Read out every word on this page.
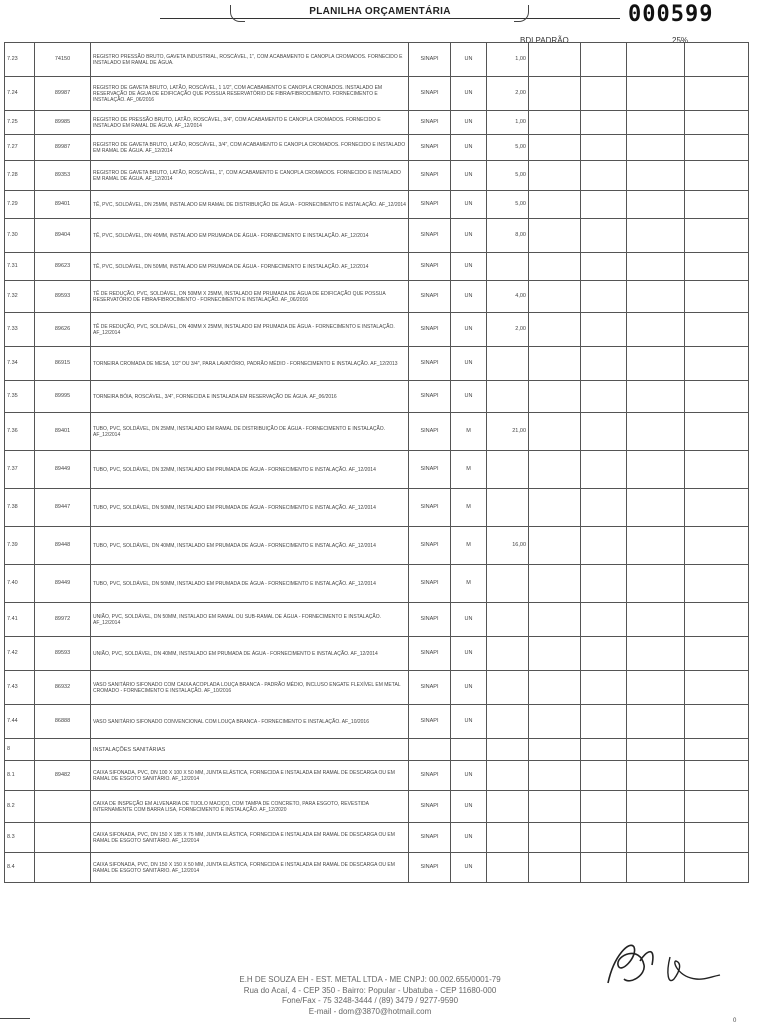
PLANILHA ORÇAMENTÁRIA	000599
BDI PADRÃO	25%
7.23	74150	REGISTRO PRESSÃO BRUTO, GAVETA INDUSTRIAL, ROSCÁVEL, 1", COM ACABAMENTO E CANOPLA CROMADOS. FORNECIDO E INSTALADO EM RAMAL DE ÁGUA.	SINAPI	UN	1,00				
7.24	89987	REGISTRO DE GAVETA BRUTO, LATÃO, ROSCÁVEL, 1 1/2", COM ACABAMENTO E CANOPLA CROMADOS. INSTALADO EM RESERVAÇÃO DE ÁGUA DE EDIFICAÇÃO QUE POSSUA RESERVATÓRIO DE FIBRA/FIBROCIMENTO. FORNECIMENTO E INSTALAÇÃO. AF_06/2016	SINAPI	UN	2,00				
7.25	89985	REGISTRO DE PRESSÃO BRUTO, LATÃO, ROSCÁVEL, 3/4", COM ACABAMENTO E CANOPLA CROMADOS. FORNECIDO E INSTALADO EM RAMAL DE ÁGUA. AF_12/2014	SINAPI	UN	1,00				
7.27	89987	REGISTRO DE GAVETA BRUTO, LATÃO, ROSCÁVEL, 3/4", COM ACABAMENTO E CANOPLA CROMADOS. FORNECIDO E INSTALADO EM RAMAL DE ÁGUA. AF_12/2014	SINAPI	UN	5,00				
7.28	89353	REGISTRO DE GAVETA BRUTO, LATÃO, ROSCÁVEL, 1", COM ACABAMENTO E CANOPLA CROMADOS. FORNECIDO E INSTALADO EM RAMAL DE ÁGUA. AF_12/2014	SINAPI	UN	5,00				
7.29	89401	TÊ, PVC, SOLDÁVEL, DN 25MM, INSTALADO EM RAMAL DE DISTRIBUIÇÃO DE ÁGUA - FORNECIMENTO E INSTALAÇÃO. AF_12/2014	SINAPI	UN	5,00				
7.30	89404	TÊ, PVC, SOLDÁVEL, DN 40MM, INSTALADO EM PRUMADA DE ÁGUA - FORNECIMENTO E INSTALAÇÃO. AF_12/2014	SINAPI	UN	8,00				
7.31	89623	TÊ, PVC, SOLDÁVEL, DN 50MM, INSTALADO EM PRUMADA DE ÁGUA - FORNECIMENTO E INSTALAÇÃO. AF_12/2014	SINAPI	UN					
7.32	89593	TÊ DE REDUÇÃO, PVC, SOLDÁVEL, DN 50MM X 25MM, INSTALADO EM PRUMADA DE ÁGUA DE EDIFICAÇÃO QUE POSSUA RESERVATÓRIO DE FIBRA/FIBROCIMENTO - FORNECIMENTO E INSTALAÇÃO. AF_06/2016	SINAPI	UN	4,00				
7.33	89626	TÊ DE REDUÇÃO, PVC, SOLDÁVEL, DN 40MM X 25MM, INSTALADO EM PRUMADA DE ÁGUA - FORNECIMENTO E INSTALAÇÃO. AF_12/2014	SINAPI	UN	2,00				
7.34	86915	TORNEIRA CROMADA DE MESA, 1/2" OU 3/4", PARA LAVATÓRIO, PADRÃO MÉDIO - FORNECIMENTO E INSTALAÇÃO. AF_12/2013	SINAPI	UN					
7.35	89995	TORNEIRA BÓIA, ROSCÁVEL, 3/4", FORNECIDA E INSTALADA EM RESERVAÇÃO DE ÁGUA. AF_06/2016	SINAPI	UN					
7.36	89401	TUBO, PVC, SOLDÁVEL, DN 25MM, INSTALADO EM RAMAL DE DISTRIBUIÇÃO DE ÁGUA - FORNECIMENTO E INSTALAÇÃO. AF_12/2014	SINAPI	M	21,00				
7.37	89449	TUBO, PVC, SOLDÁVEL, DN 32MM, INSTALADO EM PRUMADA DE ÁGUA - FORNECIMENTO E INSTALAÇÃO. AF_12/2014	SINAPI	M					
7.38	89447	TUBO, PVC, SOLDÁVEL, DN 50MM, INSTALADO EM PRUMADA DE ÁGUA - FORNECIMENTO E INSTALAÇÃO. AF_12/2014	SINAPI	M					
7.39	89448	TUBO, PVC, SOLDÁVEL, DN 40MM, INSTALADO EM PRUMADA DE ÁGUA - FORNECIMENTO E INSTALAÇÃO. AF_12/2014	SINAPI	M	16,00				
7.40	89449	TUBO, PVC, SOLDÁVEL, DN 50MM, INSTALADO EM PRUMADA DE ÁGUA - FORNECIMENTO E INSTALAÇÃO. AF_12/2014	SINAPI	M					
7.41	89972	UNIÃO, PVC, SOLDÁVEL, DN 50MM, INSTALADO EM RAMAL OU SUB-RAMAL DE ÁGUA - FORNECIMENTO E INSTALAÇÃO. AF_12/2014	SINAPI	UN					
7.42	89593	UNIÃO, PVC, SOLDÁVEL, DN 40MM, INSTALADO EM PRUMADA DE ÁGUA - FORNECIMENTO E INSTALAÇÃO. AF_12/2014	SINAPI	UN					
7.43	86932	VASO SANITÁRIO SIFONADO COM CAIXA ACOPLADA LOUÇA BRANCA - PADRÃO MÉDIO, INCLUSO ENGATE FLEXÍVEL EM METAL CROMADO - FORNECIMENTO E INSTALAÇÃO. AF_10/2016	SINAPI	UN					
7.44	86888	VASO SANITÁRIO SIFONADO CONVENCIONAL COM LOUÇA BRANCA - FORNECIMENTO E INSTALAÇÃO. AF_10/2016	SINAPI	UN					
8		INSTALAÇÕES SANITÁRIAS							
8.1	89482	CAIXA SIFONADA, PVC, DN 100 X 100 X 50 MM, JUNTA ELÁSTICA, FORNECIDA E INSTALADA EM RAMAL DE DESCARGA OU EM RAMAL DE ESGOTO SANITÁRIO. AF_12/2014	SINAPI	UN					
8.2		CAIXA DE INSPEÇÃO EM ALVENARIA DE TIJOLO MACIÇO, COM TAMPA DE CONCRETO, PARA ESGOTO, REVESTIDA INTERNAMENTE COM BARRA LISA, FORNECIMENTO E INSTALAÇÃO. AF_12/2020	SINAPI	UN					
8.3		CAIXA SIFONADA, PVC, DN 150 X 185 X 75 MM, JUNTA ELÁSTICA, FORNECIDA E INSTALADA EM RAMAL DE DESCARGA OU EM RAMAL DE ESGOTO SANITÁRIO. AF_12/2014	SINAPI	UN					
8.4		CAIXA SIFONADA, PVC, DN 150 X 150 X 50 MM, JUNTA ELÁSTICA, FORNECIDA E INSTALADA EM RAMAL DE DESCARGA OU EM RAMAL DE ESGOTO SANITÁRIO. AF_12/2014	SINAPI	UN					
E.H DE SOUZA EH - EST. METAL LTDA - ME CNPJ: 00.002.655/0001-79
Rua do Acaí, 4 - CEP 350 - Bairro: Popular - Ubatuba - CEP 11680-000
Fone/Fax - 75 3248-3444 / (89) 3479 / 9277-9590
E-mail - dom@3870@hotmail.com
0
